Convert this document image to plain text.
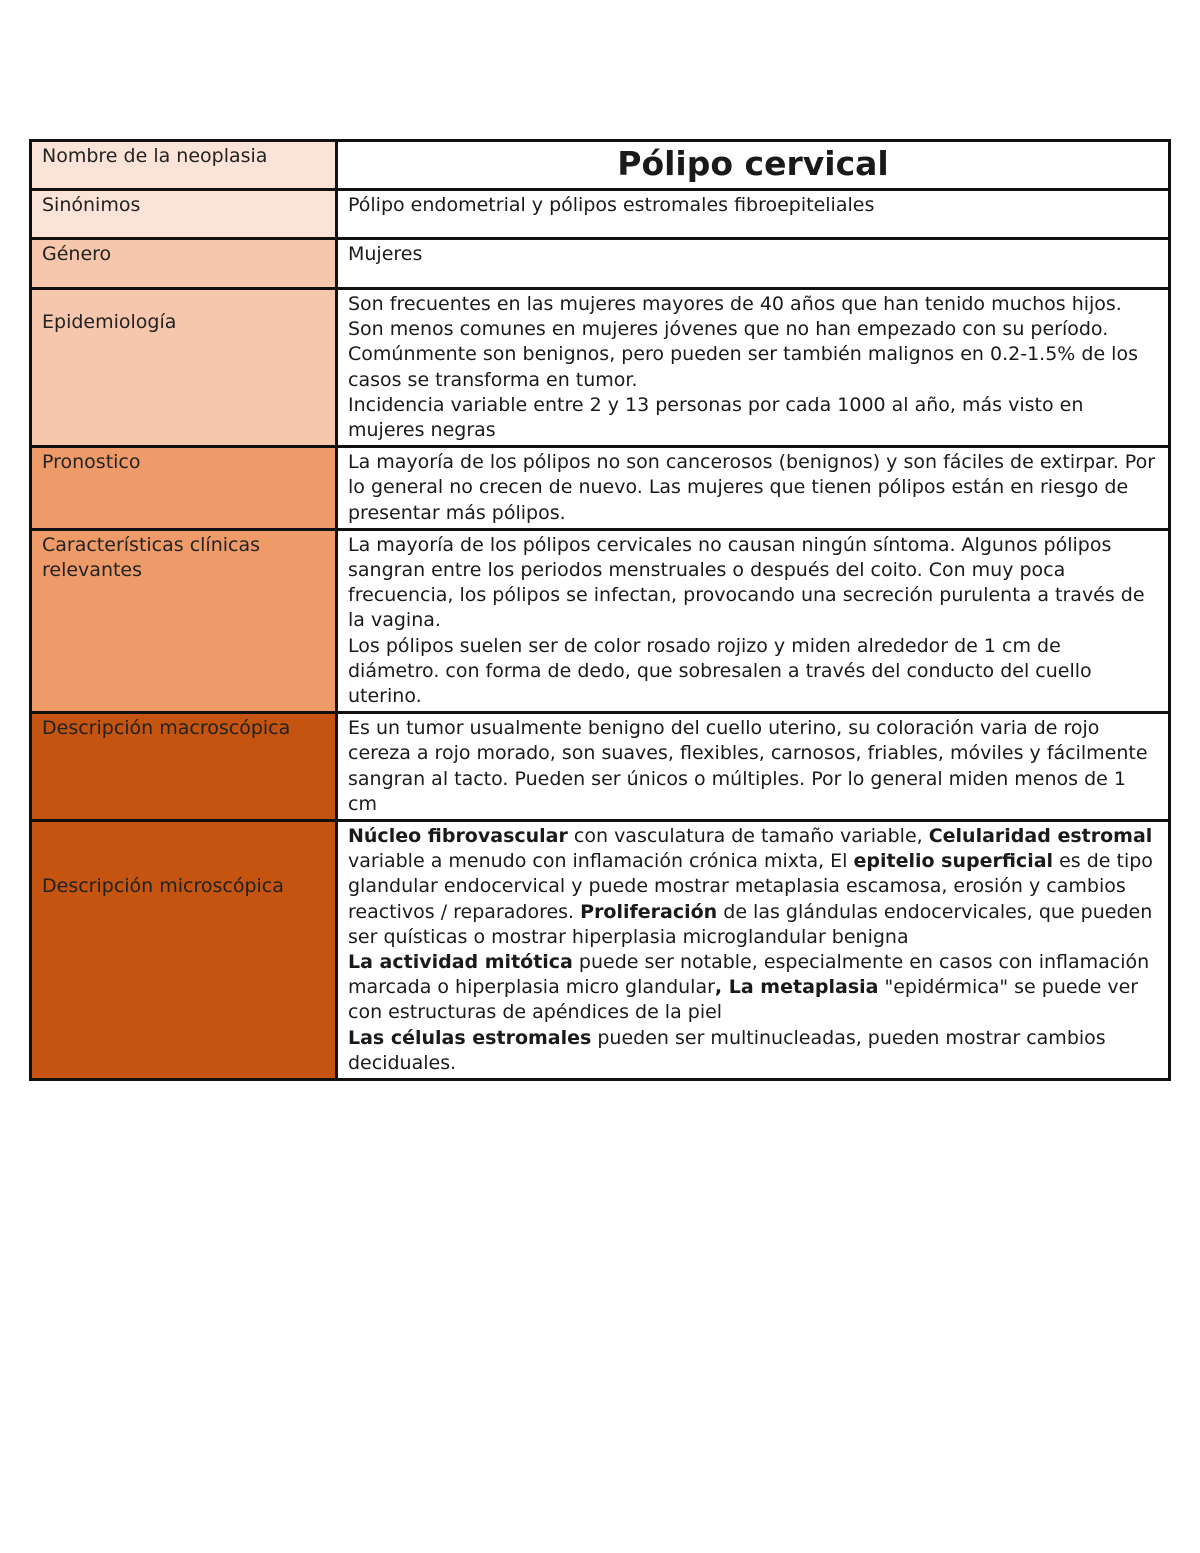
Nombre de la neoplasia	Pólipo cervical
Sinónimos	Pólipo endometrial y pólipos estromales fibroepiteliales
Género	Mujeres
Epidemiología	Son frecuentes en las mujeres mayores de 40 años que han tenido muchos hijos. Son menos comunes en mujeres jóvenes que no han empezado con su período. Comúnmente son benignos, pero pueden ser también malignos en 0.2-1.5% de los casos se transforma en tumor.
Incidencia variable entre 2 y 13 personas por cada 1000 al año, más visto en mujeres negras

Pronostico	La mayoría de los pólipos no son cancerosos (benignos) y son fáciles de extirpar. Por lo general no crecen de nuevo. Las mujeres que tienen pólipos están en riesgo de presentar más pólipos.
Características clínicas relevantes	La mayoría de los pólipos cervicales no causan ningún síntoma. Algunos pólipos sangran entre los periodos menstruales o después del coito. Con muy poca frecuencia, los pólipos se infectan, provocando una secreción purulenta a través de la vagina.
Los pólipos suelen ser de color rosado rojizo y miden alrededor de 1 cm de diámetro. con forma de dedo, que sobresalen a través del conducto del cuello uterino.

Descripción macroscópica	Es un tumor usualmente benigno del cuello uterino, su coloración varia de rojo cereza a rojo morado, son suaves, flexibles, carnosos, friables, móviles y fácilmente sangran al tacto. Pueden ser únicos o múltiples. Por lo general miden menos de 1 cm
Descripción microscópica	Núcleo fibrovascular con vasculatura de tamaño variable, Celularidad estromal variable a menudo con inflamación crónica mixta, El epitelio superficial es de tipo glandular endocervical y puede mostrar metaplasia escamosa, erosión y cambios reactivos / reparadores. Proliferación de las glándulas endocervicales, que pueden ser quísticas o mostrar hiperplasia microglandular benigna
La actividad mitótica puede ser notable, especialmente en casos con inflamación marcada o hiperplasia micro glandular, La metaplasia "epidérmica" se puede ver con estructuras de apéndices de la piel
Las células estromales pueden ser multinucleadas, pueden mostrar cambios deciduales.
